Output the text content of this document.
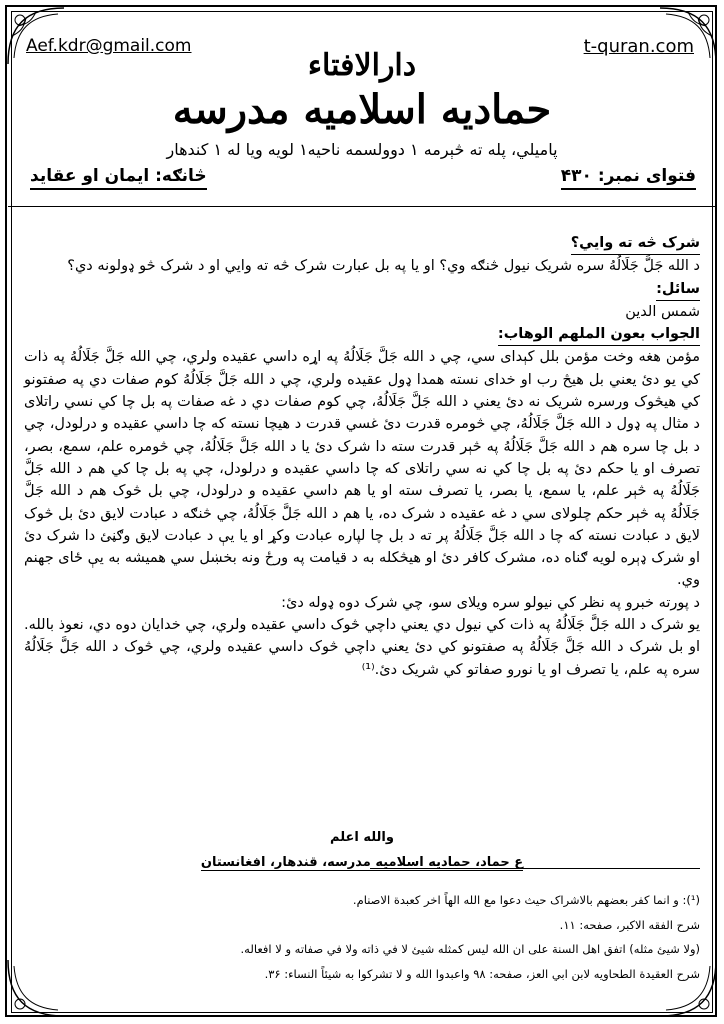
Aef.kdr@gmail.com	t-quran.com
دارالافتاء
حمادیه اسلامیه مدرسه
پاميلي، پله ته څېرمه ۱ دوولسمه ناحيه۱ لويه ويا له ۱ کندهار
فتوای نمبر: ۴۳۰
څانګه: ايمان او عقايد

شرک څه ته وايي؟

د الله جَلَّ جَلَالُهُ سره شريک نيول څنګه وي؟ او يا په بل عبارت شرک څه ته وايي او د شرک څو ډولونه دي؟

سائل:

شمس الدين

الجواب بعون الملهم الوهاب:

مؤمن هغه وخت مؤمن بلل کېدای سي، چي د الله جَلَّ جَلَالُهُ په اړه داسي عقيده ولري، چي الله جَلَّ جَلَالُهُ په ذات کي يو دئ يعني بل هيڅ رب او خدای نسته همدا ډول عقيده ولري، چي د الله جَلَّ جَلَالُهُ کوم صفات دي په صفتونو کي هيڅوک ورسره شريک نه دئ يعني د الله جَلَّ جَلَالُهُ، چي کوم صفات دي د غه صفات په بل چا کي نسي راتلای د مثال په ډول د الله جَلَّ جَلَالُهُ، چي څومره قدرت دئ غسي قدرت د هيچا نسته که چا داسي عقيده و درلودل، چي د بل چا سره هم د الله جَلَّ جَلَالُهُ په څېر قدرت سته دا شرک دئ يا د الله جَلَّ جَلَالُهُ، چي څومره علم، سمع، بصر، تصرف او يا حکم دئ په بل چا کي نه سي راتلای که چا داسي عقيده و درلودل، چي په بل چا کي هم د الله جَلَّ جَلَالُهُ په څېر علم، يا سمع، يا بصر، يا تصرف سته او يا هم داسي عقيده و درلودل، چي بل څوک هم د الله جَلَّ جَلَالُهُ په څېر حکم چلولای سي د غه عقيده د شرک ده، يا هم د الله جَلَّ جَلَالُهُ، چي څنګه د عبادت لايق دئ بل څوک لايق د عبادت نسته که چا د الله جَلَّ جَلَالُهُ پر ته د بل چا لپاره عبادت وکړ او يا يې د عبادت لايق وګڼئ دا شرک دئ او شرک ډېره لويه ګناه ده، مشرک کافر دئ او هيڅکله به د قيامت په ورځ ونه بخښل سي هميشه به يې ځای جهنم وي.

د پورته خبرو په نظر کي نيولو سره ويلای سو، چي شرک دوه ډوله دئ:

يو شرک د الله جَلَّ جَلَالُهُ په ذات کي نيول دي يعني داچي څوک داسي عقيده ولري، چي خدايان دوه دي، نعوذ بالله.

او بل شرک د الله جَلَّ جَلَالُهُ په صفتونو کي دئ يعني داچي څوک داسي عقيده ولري، چي څوک د الله جَلَّ جَلَالُهُ سره په علم، يا تصرف او يا نورو صفاتو کي شريک دئ.⁽¹⁾

والله اعلم
ع حماد، حماديه اسلاميه مدرسه، قندهار، افغانستان

(¹): و انما کفر بعضهم بالاشراک حيث دعوا مع الله الهاً اخر کعبدة الاصنام.

شرح الفقه الاکبر، صفحه: ۱۱.

(ولا شيئ مثله) اتفق اهل السنة على ان الله ليس کمثله شيئ لا في ذاته ولا في صفاته و لا افعاله.

شرح العقيدة الطحاويه لابن ابي العز، صفحه: ۹۸ واعبدوا الله و لا تشرکوا به شيئاً النساء: ۳۶.
